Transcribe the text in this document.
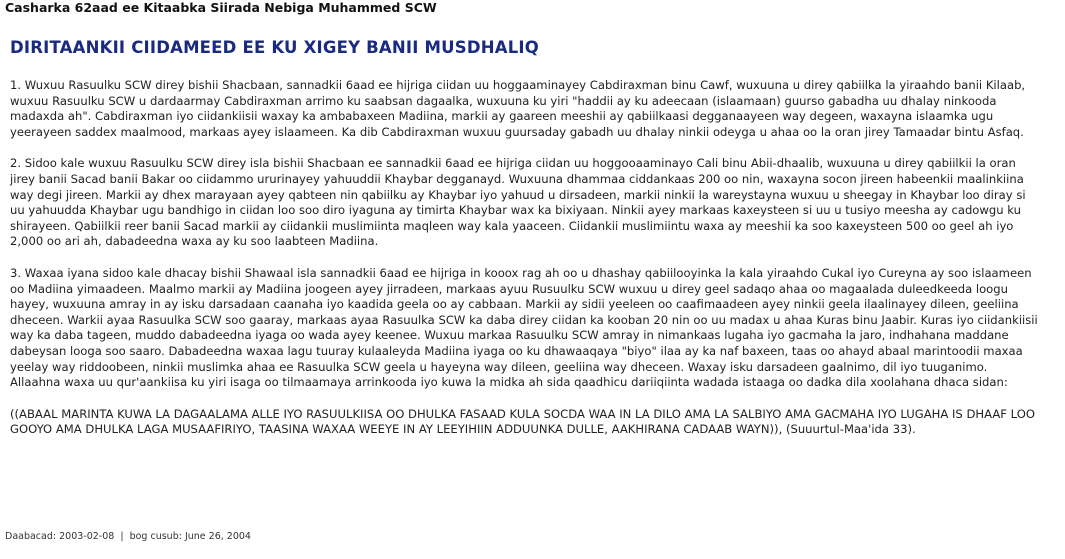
Casharka 62aad ee Kitaabka Siirada Nebiga Muhammed SCW
DIRITAANKII CIIDAMEED EE KU XIGEY BANII MUSDHALIQ

1. Wuxuu Rasuulku SCW direy bishii Shacbaan, sannadkii 6aad ee hijriga ciidan uu hoggaaminayey Cabdiraxman binu Cawf, wuxuuna u direy qabiilka la yiraahdo banii Kilaab, wuxuu Rasuulku SCW u dardaarmay Cabdiraxman arrimo ku saabsan dagaalka, wuxuuna ku yiri "haddii ay ku adeecaan (islaamaan) guurso gabadha uu dhalay ninkooda madaxda ah". Cabdiraxman iyo ciidankiisii waxay ka ambabaxeen Madiina, markii ay gaareen meeshii ay qabiilkaasi degganaayeen way degeen, waxayna islaamka ugu yeerayeen saddex maalmood, markaas ayey islaameen. Ka dib Cabdiraxman wuxuu guursaday gabadh uu dhalay ninkii odeyga u ahaa oo la oran jirey Tamaadar bintu Asfaq.

2. Sidoo kale wuxuu Rasuulku SCW direy isla bishii Shacbaan ee sannadkii 6aad ee hijriga ciidan uu hoggooaaminayo Cali binu Abii-dhaalib, wuxuuna u direy qabiilkii la oran jirey banii Sacad banii Bakar oo ciidammo ururinayey yahuuddii Khaybar degganayd. Wuxuuna dhammaa ciddankaas 200 oo nin, waxayna socon jireen habeenkii maalinkiina way degi jireen. Markii ay dhex marayaan ayey qabteen nin qabiilku ay Khaybar iyo yahuud u dirsadeen, markii ninkii la wareystayna wuxuu u sheegay in Khaybar loo diray si uu yahuudda Khaybar ugu bandhigo in ciidan loo soo diro iyaguna ay timirta Khaybar wax ka bixiyaan. Ninkii ayey markaas kaxeysteen si uu u tusiyo meesha ay cadowgu ku shirayeen. Qabiilkii reer banii Sacad markii ay ciidankii muslimiinta maqleen way kala yaaceen. Ciidankii muslimiintu waxa ay meeshii ka soo kaxeysteen 500 oo geel ah iyo 2,000 oo ari ah, dabadeedna waxa ay ku soo laabteen Madiina.

3. Waxaa iyana sidoo kale dhacay bishii Shawaal isla sannadkii 6aad ee hijriga in kooox rag ah oo u dhashay qabiilooyinka la kala yiraahdo Cukal iyo Cureyna ay soo islaameen oo Madiina yimaadeen. Maalmo markii ay Madiina joogeen ayey jirradeen, markaas ayuu Rusuulku SCW wuxuu u direy geel sadaqo ahaa oo magaalada duleedkeeda loogu hayey, wuxuuna amray in ay isku darsadaan caanaha iyo kaadida geela oo ay cabbaan. Markii ay sidii yeeleen oo caafimaadeen ayey ninkii geela ilaalinayey dileen, geeliina dheceen. Warkii ayaa Rasuulka SCW soo gaaray, markaas ayaa Rasuulka SCW ka daba direy ciidan ka kooban 20 nin oo uu madax u ahaa Kuras binu Jaabir. Kuras iyo ciidankiisii way ka daba tageen, muddo dabadeedna iyaga oo wada ayey keenee. Wuxuu markaa Rasuulku SCW amray in nimankaas lugaha iyo gacmaha la jaro, indhahana maddane dabeysan looga soo saaro. Dabadeedna waxaa lagu tuuray kulaaleyda Madiina iyaga oo ku dhawaaqaya "biyo" ilaa ay ka naf baxeen, taas oo ahayd abaal marintoodii maxaa yeelay way riddoobeen, ninkii muslimka ahaa ee Rasuulka SCW geela u hayeyna way dileen, geeliina way dheceen. Waxay isku darsadeen gaalnimo, dil iyo tuuganimo. Allaahna waxa uu qur'aankiisa ku yiri isaga oo tilmaamaya arrinkooda iyo kuwa la midka ah sida qaadhicu dariiqiinta wadada istaaga oo dadka dila xoolahana dhaca sidan:

((ABAAL MARINTA KUWA LA DAGAALAMA ALLE IYO RASUULKIISA OO DHULKA FASAAD KULA SOCDA WAA IN LA DILO AMA LA SALBIYO AMA GACMAHA IYO LUGAHA IS DHAAF LOO GOOYO AMA DHULKA LAGA MUSAAFIRIYO, TAASINA WAXAA WEEYE IN AY LEEYIHIIN ADDUUNKA DULLE, AAKHIRANA CADAAB WAYN)), (Suuurtul-Maa'ida 33).

Daabacad: 2003-02-08 | bog cusub: June 26, 2004
